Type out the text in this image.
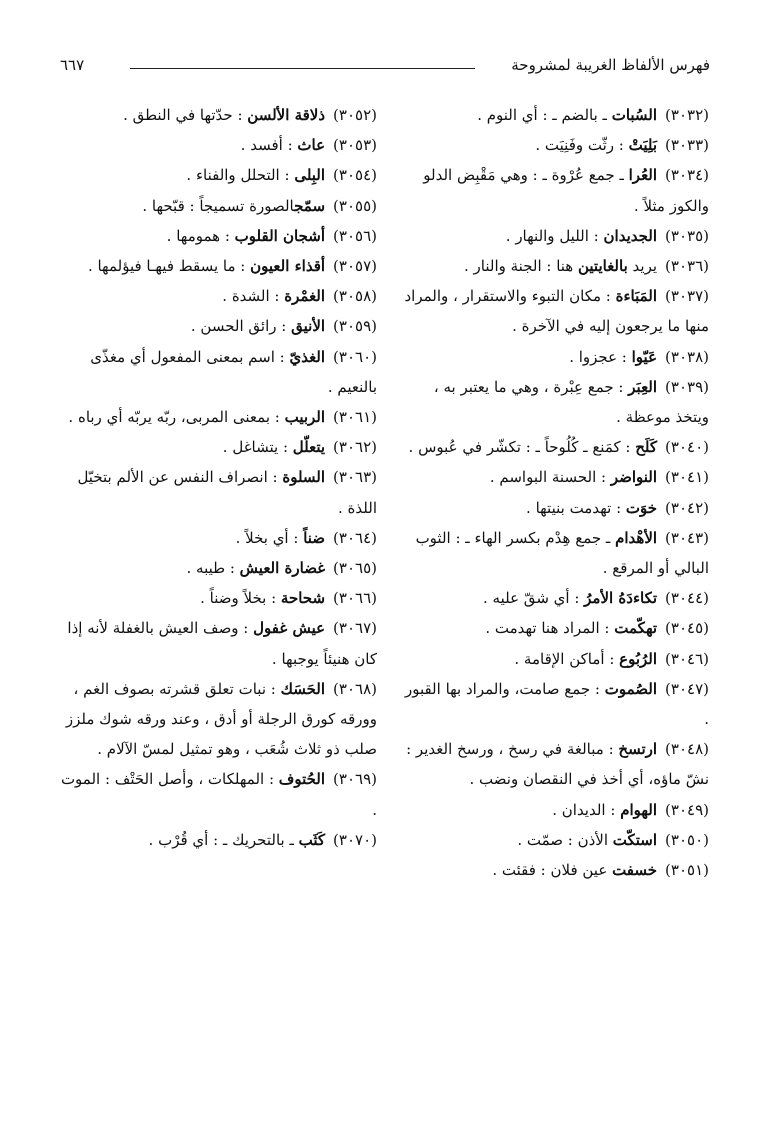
فهرس الألفاظ الغريبة لمشروحة
٦٦٧
(٣٠٣٢)السُبات ـ بالضم ـ : أي النوم .
(٣٠٣٣)بَلِيَتْ : رثّت وفَنِيَت .
(٣٠٣٤)العُرا ـ جمع عُرْوة ـ : وهي مَقْبِض الدلو والكوز مثلاً .
(٣٠٣٥)الجديدان : الليل والنهار .
(٣٠٣٦)يريد بالغايتين هنا : الجنة والنار .
(٣٠٣٧)المَبَاءة : مكان التبوء والاستقرار ، والمراد منها ما يرجعون إليه في الآخرة .
(٣٠٣٨)عَيّوا : عجزوا .
(٣٠٣٩)العِبَر : جمع عِبْرة ، وهي ما يعتبر به ، ويتخذ موعظة .
(٣٠٤٠)كَلَح : كمَنع ـ كُلُوحاً ـ : تكشّر في عُبوس .
(٣٠٤١)النواضر : الحسنة البواسم .
(٣٠٤٢)خوَت : تهدمت بنيتها .
(٣٠٤٣)الأهْدام ـ جمع هِدْم بكسر الهاء ـ : الثوب البالي أو المرقع .
(٣٠٤٤)تكاءدَهُ الأمرُ : أي شقّ عليه .
(٣٠٤٥)تهكّمت : المراد هنا تهدمت .
(٣٠٤٦)الرُبُوع : أماكن الإقامة .
(٣٠٤٧)الصُموت : جمع صامت، والمراد بها القبور .
(٣٠٤٨)ارتسخ : مبالغة في رسخ ، ورسخ الغدير : نشّ ماؤه، أي أخذ في النقصان ونضب .
(٣٠٤٩)الهوام : الديدان .
(٣٠٥٠)استكّت الأذن : صمّت .
(٣٠٥١)خسفت عين فلان : فقئت .
(٣٠٥٢)ذلاقة الألسن : حدّتها في النطق .
(٣٠٥٣)عاث : أفسد .
(٣٠٥٤)البِلى : التحلل والفناء .
(٣٠٥٥)سمّجالصورة تسميجاً : قبّحها .
(٣٠٥٦)أشجان القلوب : همومها .
(٣٠٥٧)أقذاء العيون : ما يسقط فيهـا فيؤلمها .
(٣٠٥٨)الغمْرة : الشدة .
(٣٠٥٩)الأنيق : رائق الحسن .
(٣٠٦٠)الغذيّ : اسم بمعنى المفعول أي مغذّى بالنعيم .
(٣٠٦١)الربيب : بمعنى المربى، ربّه يربّه أي رباه .
(٣٠٦٢)يتعلّل : يتشاغل .
(٣٠٦٣)السلوة : انصراف النفس عن الألم بتخيّل اللذة .
(٣٠٦٤)ضناً : أي بخلاً .
(٣٠٦٥)غضارة العيش : طيبه .
(٣٠٦٦)شحاحة : بخلاً وضناً .
(٣٠٦٧)عيش غفول : وصف العيش بالغفلة لأنه إذا كان هنيئاً يوجبها .
(٣٠٦٨)الحَسَك : نبات تعلق قشرته بصوف الغم ، وورقه كورق الرجلة أو أدق ، وعند ورقه شوك ملزز صلب ذو ثلاث شُعَب ، وهو تمثيل لمسّ الآلام .
(٣٠٦٩)الحُتوف : المهلكات ، وأصل الحَتْف : الموت .
(٣٠٧٠)كَثَب ـ بالتحريك ـ : أي قُرْب .
